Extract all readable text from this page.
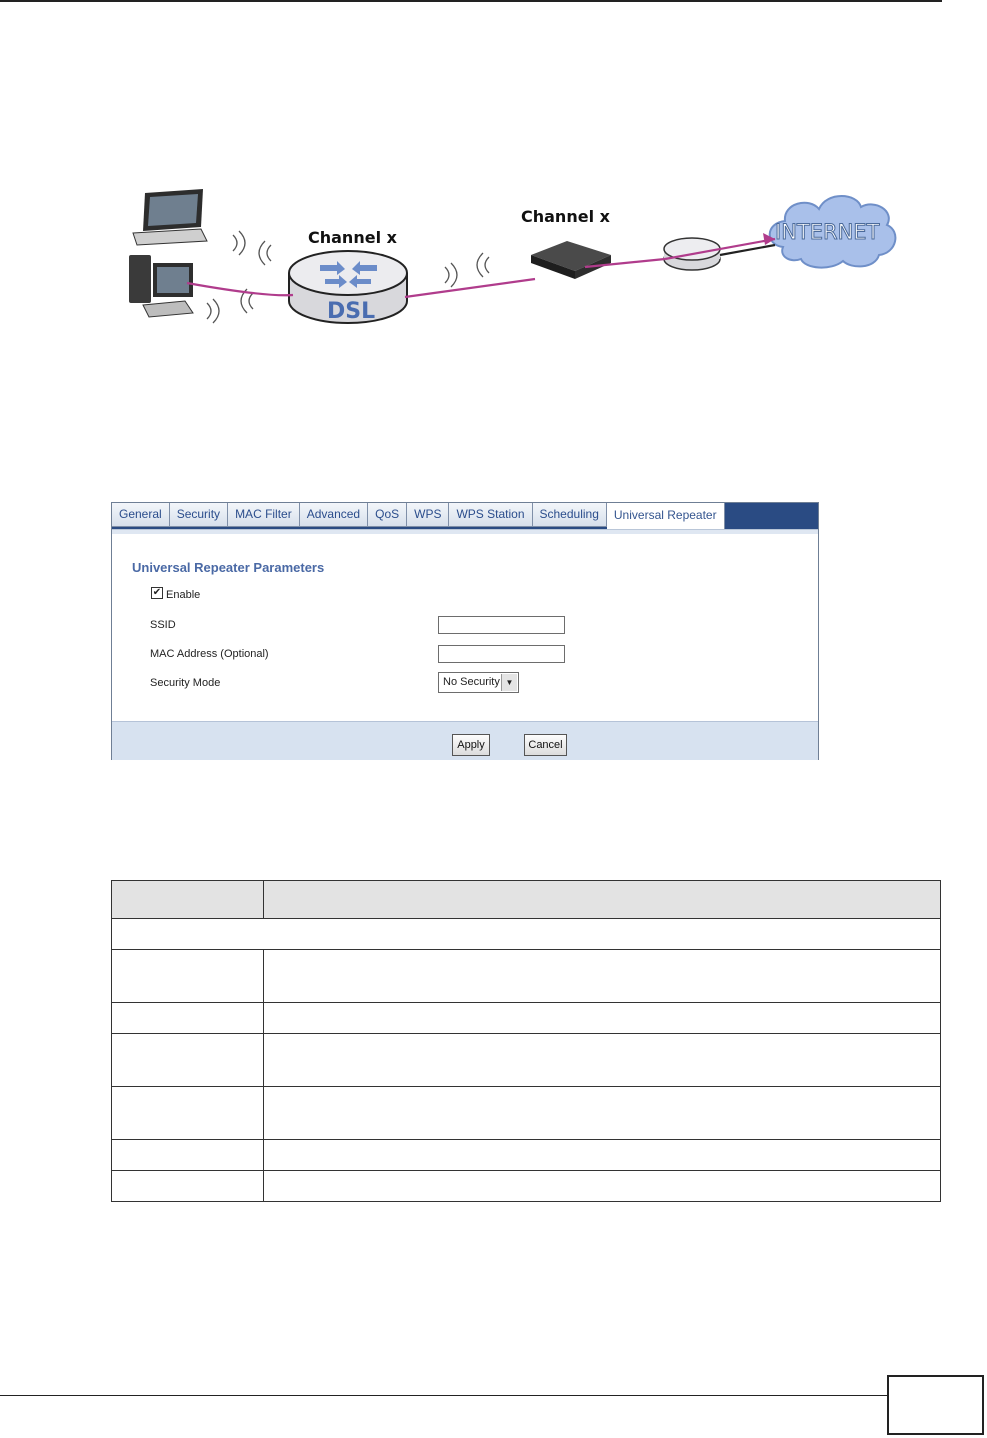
DSL
Channel x
Channel x
INTERNET
General	Security	MAC Filter	Advanced	QoS	WPS	WPS Station	Scheduling	Universal Repeater
Universal Repeater Parameters
✔ Enable
SSID
MAC Address (Optional)
Security Mode	No Security ▼
Apply	Cancel
